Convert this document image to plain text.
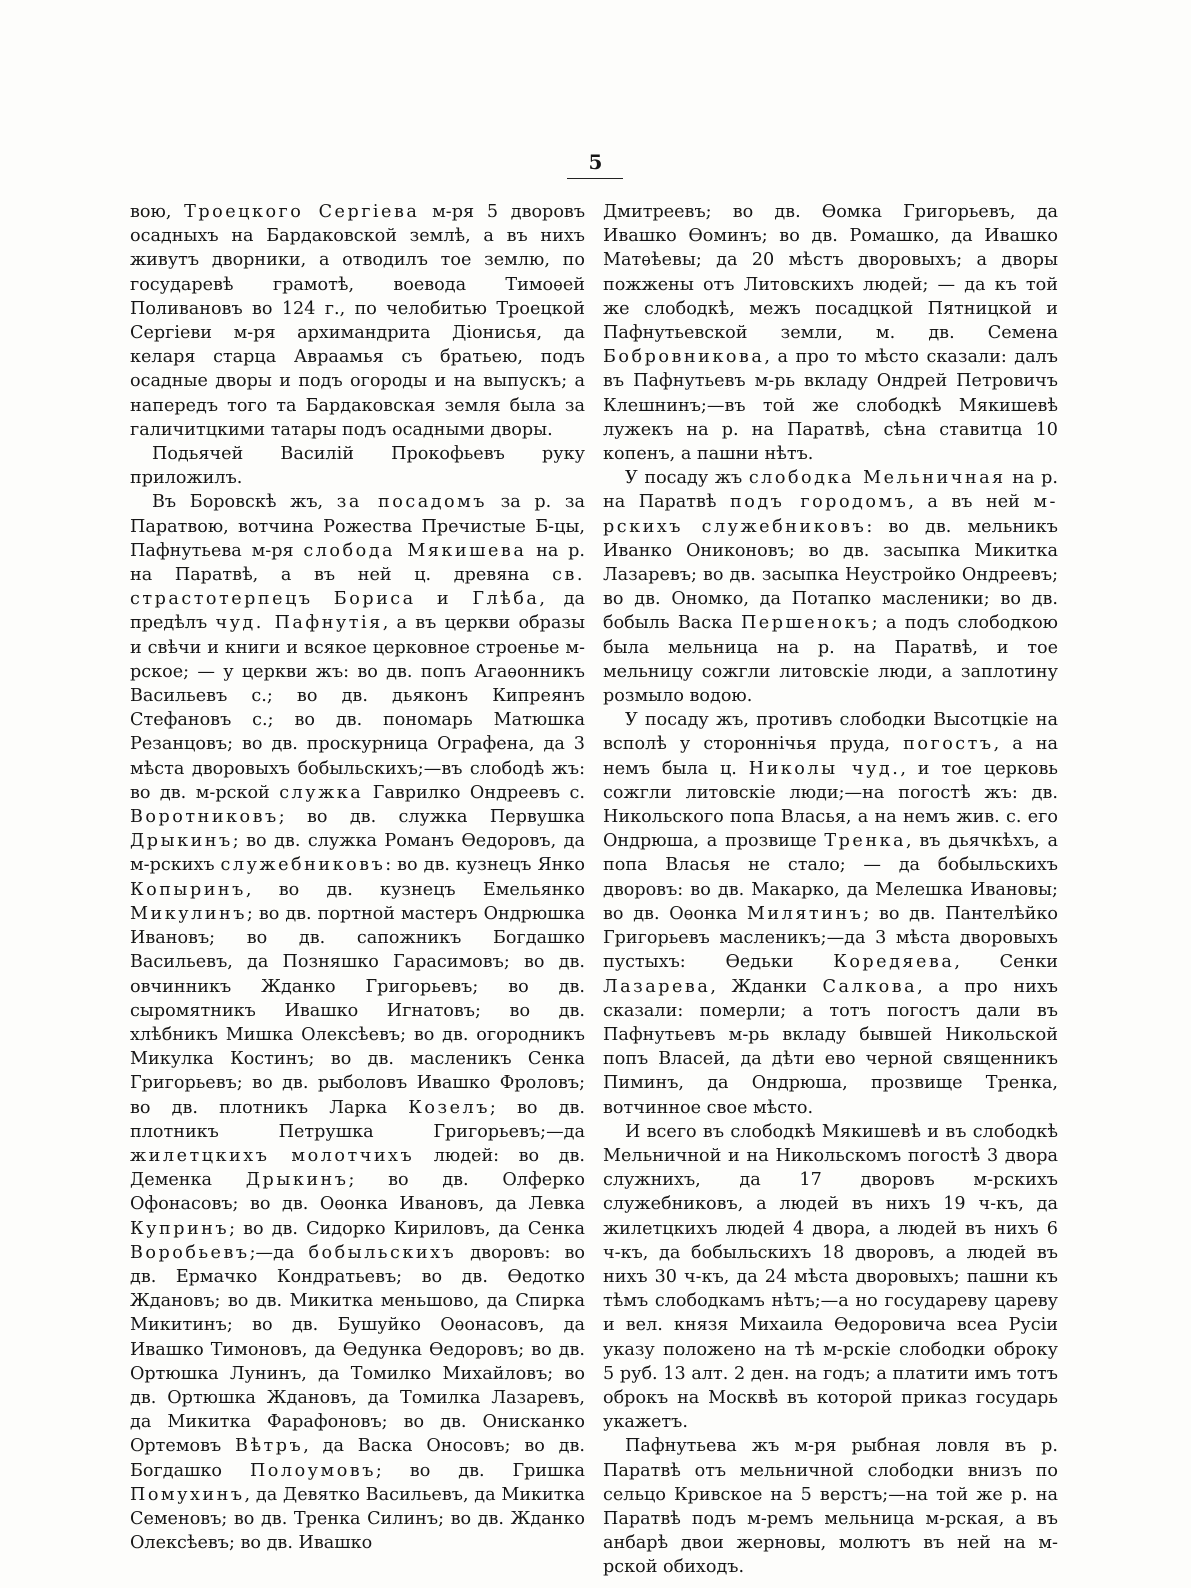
5

вою, Троецкого Сергіева м-ря 5 дворовъ осадныхъ на Бардаковской землѣ, а въ нихъ живутъ дворники, а отводилъ тое землю, по государевѣ грамотѣ, воевода Тимоѳей Поливановъ во 124 г., по челобитью Троецкой Сергіеви м-ря архимандрита Діонисья, да келаря старца Авраамья съ братьею, подъ осадные дворы и подъ огороды и на выпускъ; а напередъ того та Бардаковская земля была за галичитцкими татары подъ осадными дворы.

Подьячей Василій Прокофьевъ руку приложилъ.

Въ Боровскѣ жъ, за посадомъ за р. за Паратвою, вотчина Рожества Пречистые Б-цы, Пафнутьева м-ря слобода Мякишева на р. на Паратвѣ, а въ ней ц. древяна св. страстотерпецъ Бориса и Глѣба, да предѣлъ чуд. Пафнутія, а въ церкви образы и свѣчи и книги и всякое церковное строенье м-рское; — у церкви жъ: во дв. попъ Агаѳонникъ Васильевъ с.; во дв. дьяконъ Кипреянъ Стефановъ с.; во дв. пономарь Матюшка Резанцовъ; во дв. проскурница Ографена, да 3 мѣста дворовыхъ бобыльскихъ;—въ слободѣ жъ: во дв. м-рской служка Гаврилко Ондреевъ с. Воротниковъ; во дв. служка Первушка Дрыкинъ; во дв. служка Романъ Ѳедоровъ, да м-рскихъ служебниковъ: во дв. кузнецъ Янко Копыринъ, во дв. кузнецъ Емельянко Микулинъ; во дв. портной мастеръ Ондрюшка Ивановъ; во дв. сапожникъ Богдашко Васильевъ, да Позняшко Гарасимовъ; во дв. овчинникъ Жданко Григорьевъ; во дв. сыромятникъ Ивашко Игнатовъ; во дв. хлѣбникъ Мишка Олексѣевъ; во дв. огородникъ Микулка Костинъ; во дв. масленикъ Сенка Григорьевъ; во дв. рыболовъ Ивашко Фроловъ; во дв. плотникъ Ларка Козелъ; во дв. плотникъ Петрушка Григорьевъ;—да жилетцкихъ молотчихъ людей: во дв. Деменка Дрыкинъ; во дв. Олферко Офонасовъ; во дв. Оѳонка Ивановъ, да Левка Купринъ; во дв. Сидорко Кириловъ, да Сенка Воробьевъ;—да бобыльскихъ дворовъ: во дв. Ермачко Кондратьевъ; во дв. Ѳедотко Ждановъ; во дв. Микитка меньшово, да Спирка Микитинъ; во дв. Бушуйко Оѳонасовъ, да Ивашко Тимоновъ, да Ѳедунка Ѳедоровъ; во дв. Ортюшка Лунинъ, да Томилко Михайловъ; во дв. Ортюшка Ждановъ, да Томилка Лазаревъ, да Микитка Фарафоновъ; во дв. Онисканко Ортемовъ Вѣтръ, да Васка Оносовъ; во дв. Богдашко Полоумовъ; во дв. Гришка Помухинъ, да Девятко Васильевъ, да Микитка Семеновъ; во дв. Тренка Силинъ; во дв. Жданко Олексѣевъ; во дв. Ивашко

Дмитреевъ; во дв. Ѳомка Григорьевъ, да Ивашко Ѳоминъ; во дв. Ромашко, да Ивашко Матѳѣевы; да 20 мѣстъ дворовыхъ; а дворы пожжены отъ Литовскихъ людей; — да къ той же слободкѣ, межъ посадцкой Пятницкой и Пафнутьевской земли, м. дв. Семена Бобровникова, а про то мѣсто сказали: далъ въ Пафнутьевъ м-рь вкладу Ондрей Петровичъ Клешнинъ;—въ той же слободкѣ Мякишевѣ лужекъ на р. на Паратвѣ, сѣна ставитца 10 копенъ, а пашни нѣтъ.

У посаду жъ слободка Мельничная на р. на Паратвѣ подъ городомъ, а въ ней м-рскихъ служебниковъ: во дв. мельникъ Иванко Ониконовъ; во дв. засыпка Микитка Лазаревъ; во дв. засыпка Неустройко Ондреевъ; во дв. Ономко, да Потапко масленики; во дв. бобыль Васка Першенокъ; а подъ слободкою была мельница на р. на Паратвѣ, и тое мельницу сожгли литовскіе люди, а заплотину розмыло водою.

У посаду жъ, противъ слободки Высотцкіе на всполѣ у стороннічья пруда, погостъ, а на немъ была ц. Николы чуд., и тое церковь сожгли литовскіе люди;—на погостѣ жъ: дв. Никольского попа Власья, а на немъ жив. с. его Ондрюша, а прозвище Тренка, въ дьячкѣхъ, а попа Власья не стало; — да бобыльскихъ дворовъ: во дв. Макарко, да Мелешка Ивановы; во дв. Оѳонка Милятинъ; во дв. Пантелѣйко Григорьевъ масленикъ;—да 3 мѣста дворовыхъ пустыхъ: Ѳедьки Коредяева, Сенки Лазарева, Жданки Салкова, а про нихъ сказали: померли; а тотъ погостъ дали въ Пафнутьевъ м-рь вкладу бывшей Никольской попъ Власей, да дѣти ево черной священникъ Пиминъ, да Ондрюша, прозвище Тренка, вотчинное свое мѣсто.

И всего въ слободкѣ Мякишевѣ и въ слободкѣ Мельничной и на Никольскомъ погостѣ 3 двора служнихъ, да 17 дворовъ м-рскихъ служебниковъ, а людей въ нихъ 19 ч-къ, да жилетцкихъ людей 4 двора, а людей въ нихъ 6 ч-къ, да бобыльскихъ 18 дворовъ, а людей въ нихъ 30 ч-къ, да 24 мѣста дворовыхъ; пашни къ тѣмъ слободкамъ нѣтъ;—а но государеву цареву и вел. князя Михаила Ѳедоровича всеа Русіи указу положено на тѣ м-рскіе слободки оброку 5 руб. 13 алт. 2 ден. на годъ; а платити имъ тотъ оброкъ на Москвѣ въ которой приказ государь укажетъ.

Пафнутьева жъ м-ря рыбная ловля въ р. Паратвѣ отъ мельничной слободки внизъ по сельцо Кривское на 5 верстъ;—на той же р. на Паратвѣ подъ м-ремъ мельница м-рская, а въ анбарѣ двои жерновы, молютъ въ ней на м-рской обиходъ.
